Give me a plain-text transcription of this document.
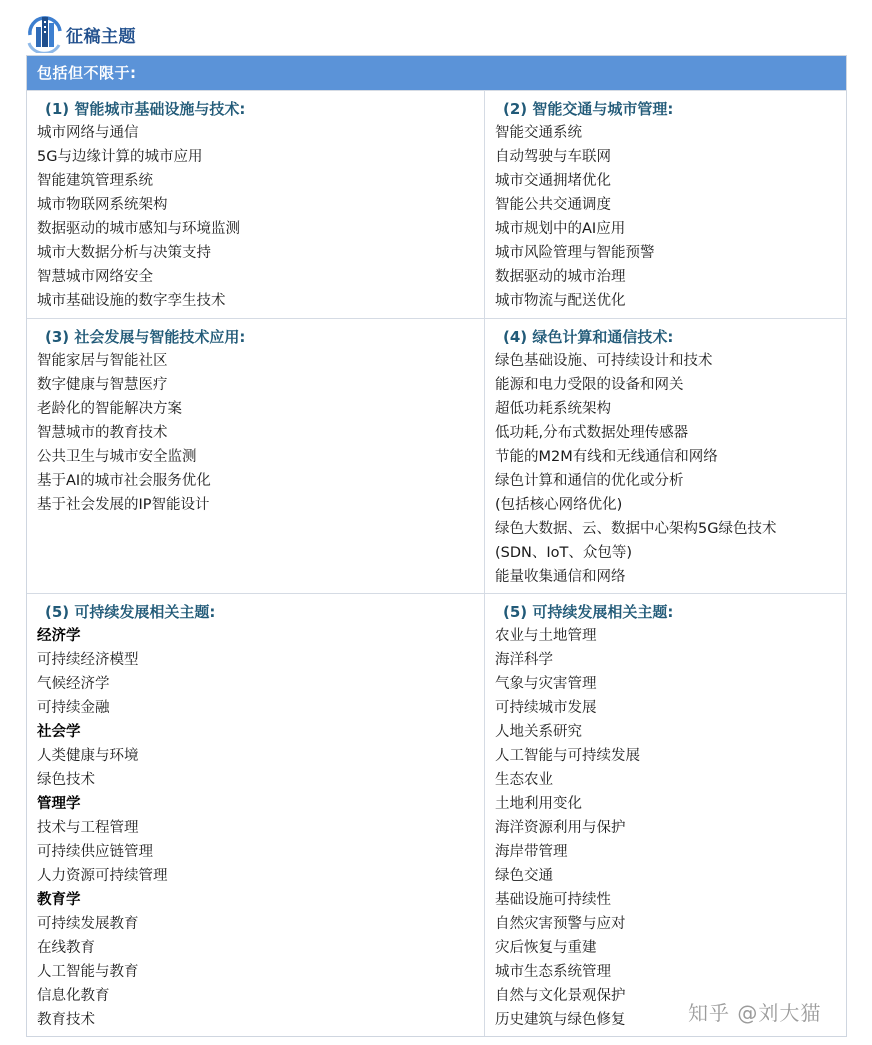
征稿主题
包括但不限于:
(1) 智能城市基础设施与技术:
城市网络与通信
5G与边缘计算的城市应用
智能建筑管理系统
城市物联网系统架构
数据驱动的城市感知与环境监测
城市大数据分析与决策支持
智慧城市网络安全
城市基础设施的数字孪生技术
(2) 智能交通与城市管理:
智能交通系统
自动驾驶与车联网
城市交通拥堵优化
智能公共交通调度
城市规划中的AI应用
城市风险管理与智能预警
数据驱动的城市治理
城市物流与配送优化
(3) 社会发展与智能技术应用:
智能家居与智能社区
数字健康与智慧医疗
老龄化的智能解决方案
智慧城市的教育技术
公共卫生与城市安全监测
基于AI的城市社会服务优化
基于社会发展的IP智能设计
(4) 绿色计算和通信技术:
绿色基础设施、可持续设计和技术
能源和电力受限的设备和网关
超低功耗系统架构
低功耗,分布式数据处理传感器
节能的M2M有线和无线通信和网络
绿色计算和通信的优化或分析
(包括核心网络优化)
绿色大数据、云、数据中心架构5G绿色技术
(SDN、IoT、众包等)
能量收集通信和网络
(5) 可持续发展相关主题:
经济学
可持续经济模型
气候经济学
可持续金融
社会学
人类健康与环境
绿色技术
管理学
技术与工程管理
可持续供应链管理
人力资源可持续管理
教育学
可持续发展教育
在线教育
人工智能与教育
信息化教育
教育技术
(5) 可持续发展相关主题:
农业与土地管理
海洋科学
气象与灾害管理
可持续城市发展
人地关系研究
人工智能与可持续发展
生态农业
土地利用变化
海洋资源利用与保护
海岸带管理
绿色交通
基础设施可持续性
自然灾害预警与应对
灾后恢复与重建
城市生态系统管理
自然与文化景观保护
历史建筑与绿色修复	知乎 @刘大猫
